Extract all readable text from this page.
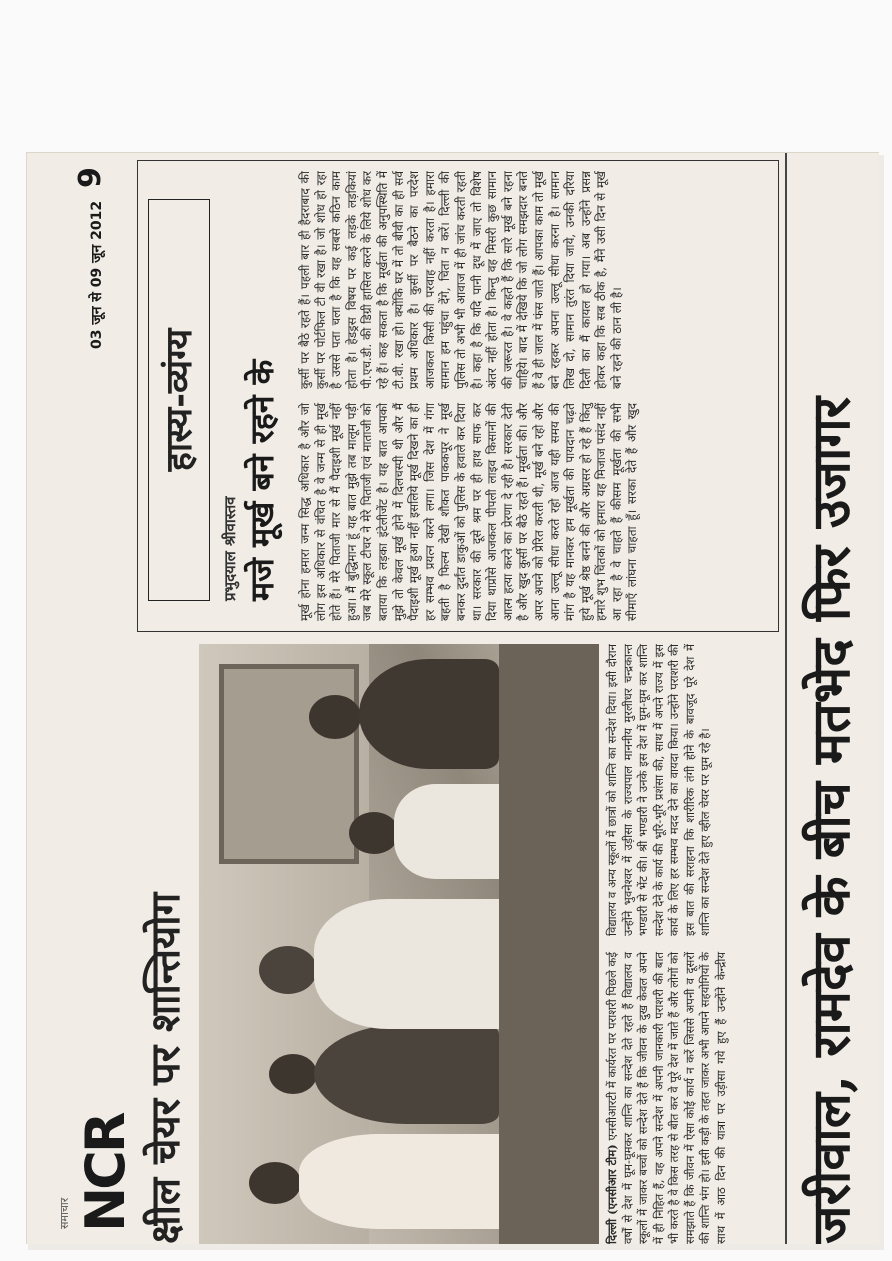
समाचार NCR
03 जून से 09 जून 2012
9
क्षील चेयर पर शान्तियोग	दिल्ली (एनसीआर टीम) एनसीआरटी में कार्यरत पर पराशरी पिछले कई वर्षों से देश में घूम-घूमकर शान्ति का सन्देश देते रहते हैं विद्यालय व स्कूलों में जाकर बच्चों को सन्देश देते हैं कि जीवन के दुख केवल अपने में ही निहित हैं, वह अपने सन्देश में अपनी जानकारी पराशरी की बात भी करते है वे किस तरह से बीत कर वे पूरे देश में जाते हैं और लोगों को समझाते हैं कि जीवन में ऐसा कोई कार्य न करें जिससे अपनी व दूसरों की शान्ति भंग हो। इसी कड़ी के तहत जाकर अभी आपने सहयोगियों के साथ में आठ दिन की यात्रा पर उड़ीसा गये हुए हैं उन्होंने केन्द्रीय विद्यालय व अन्य स्कूलों में छात्रों को शान्ति का सन्देश दिया। इसी दौरान उन्होंने भुवनेश्वर में उड़ीसा के राज्यपाल माननीय मुरलीधर चन्द्रकान्त भण्डारी से भेंट की। श्री भण्डारी ने उनके इस देश में घूम-घूम कर शान्ति सन्देश देने के कार्य की भूरि-भूरि प्रशंसा की, साथ में अपने राज्य में इस कार्य के लिए हर सम्भव मदद देने का वायदा किया। उन्होंने पराशरी की इस बात की सराहना कि शारीरिक तंगी होने के बावजूद पूरे देश में शान्ति का सन्देश देते हुए व्हील चेयर पर घूम रहे है।
हास्य-व्यंग्य
प्रभुदयाल श्रीवास्तव मजे मूर्ख बने रहने के मूर्ख होना हमारा जन्म सिद्ध अधिकार है और जो लोग इस अधिकार से वंचित है वे जन्म से ही मूर्ख होते हैं। मेरे पिताजी मार से मैं पैदाइशी मूर्ख नहीं हुआ। मैं बुद्धिमान हूं यह बात मुझे तब मालूम पड़ी जब मेरे स्कूल टीचर ने मेरे पिताजी एवं माताजी को बताया कि लड़का इंटेलीजेंट है। यह बात आपको मुझे तो केवल मूर्ख होने में दिलचस्पी थी और मैं पैदाइशी मूर्ख हुआ नहीं इसलिये मूर्ख दिखने का ही हर सम्भव प्रयत्न करने लगा। जिस देश में गंगा बहती है फिल्म देखी शौकत पाककपूर ने मूर्ख बनकर दुर्दांत डाकुओं को पुलिस के हवाले कर दिया था। सरकार की दूसे श्रम पर ही हाथ साफ कर दिया थाप्रोसे आजकल पीपली लाइव किसानों की आत्म हत्या करने का प्रेरणा दे रही है। सरकार देती है और खुद कुर्सी पर बैठे रहते हैं। मूर्खता की। और अपर अपने को प्रेरित करती थी, मूर्ख बने रहो और आना उल्लू सीधा करते रहो आज यही समय की मांग है यह मानकर हम मूर्खता की पायदान चढ़ते हुये मूर्ख श्रेष्ठ बनने की और अग्रसर हो रहे हैं किंतु हमारे शुभ चिंतकों को हमारा यह मिजाज पसंद नहीं आ रहा है वे चाहते हैं कीसम मूर्खता की सभी सीमाएँ लांघना चाहता हूँ। सरका देते हैं और खुद कुर्सी पर बैठे रहते हैं। पहली बार ही हैदराबाद की कुर्सी पर पोर्टफिल टी वी रखा है। जो शोध हो रहा है उससे पता चला है कि यह सबसे कठिन काम होता है। हेडड्रस विषय पर कई लड़के लड़कियां पी.एच.डी. की डिग्री हासिल करने के लिये शोध कर रहे हैं। कह सकता है कि मूर्खता की अनुपस्थिति में टी.वी. रखा हो। क्योंकि घर में तो बीवी का ही सर्व प्रथम अधिकार है। कुर्सी पर बैठने का परदेश आजकल किसी की परवाह नहीं करता है। हमारा सामान हम पहुंचा देंगे, चिंता न करें। दिल्ली की पुलिस तो अभी भी आवाज में ही जांच करती रहती है। कहा है कि यदि पानी दूध में जाए तो विशेष अंतर नहीं होता है। किन्तु वह मिसरी कुछ सामान की जरूरत है। वे कहते हैं कि सारे मूर्ख बने रहना चाहिये। बाद में देखिये कि जो लोग समझदार बनते हैं वे ही जाल में फंस जाते हैं। आपका काम तो मूर्ख बने रहकर अपना उल्लू सीधा करना है। सामान लिख दो, सामान तुरंत दिया जाये, उनकी दरिया दिली का मैं कायल हो गया। अब उन्होंने प्रसन्न होकर कहा कि सब ठीक है, मैंने उसी दिन से मूर्ख बने रहने की ठान ली है।
जरीवाल, रामदेव के बीच मतभेद फिर उजागर
